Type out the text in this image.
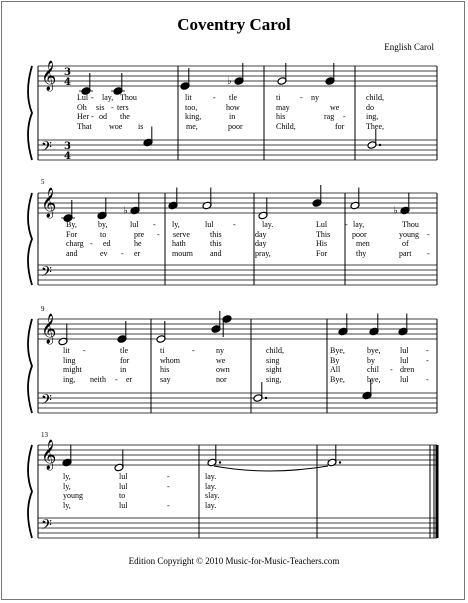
Coventry Carol
English Carol
5
9
13
𝄞
𝄢
3
4
3
4
♭
𝄞
𝄢
♭	♭
𝄞
𝄢
𝄞
𝄢
Lul - lay, Thou	lit	- tle	ti - ny	child,
Oh sis - ters	too,	how	may	we	do
Her - od the	king,	in	his	rag -	ing,
That woe is	me,	poor	Child,	for	Thee,
By,	by,	lul - ly,	lul -	lay.	Lul - lay,	Thou
For	to	pre - serve	this	day	This	poor	young -
charg - ed	he	hath	this	day	His	men	of
and	ev - er	mourn and	pray,	For	thy	part -
lit -	tle	ti	-	ny	child,	Bye,	bye, lul -
ling	for	whom	we	sing	By	by	lul -
might	in	his	own	sight	All	chil - dren
ing, neith - er	say	nor	sing,	Bye,	bye, lul -
ly,	lul	-	lay.
ly,	lul	-	lay.
young	to	slay.
ly,	lul	-	lay.
Edition Copyright © 2010 Music-for-Music-Teachers.com
